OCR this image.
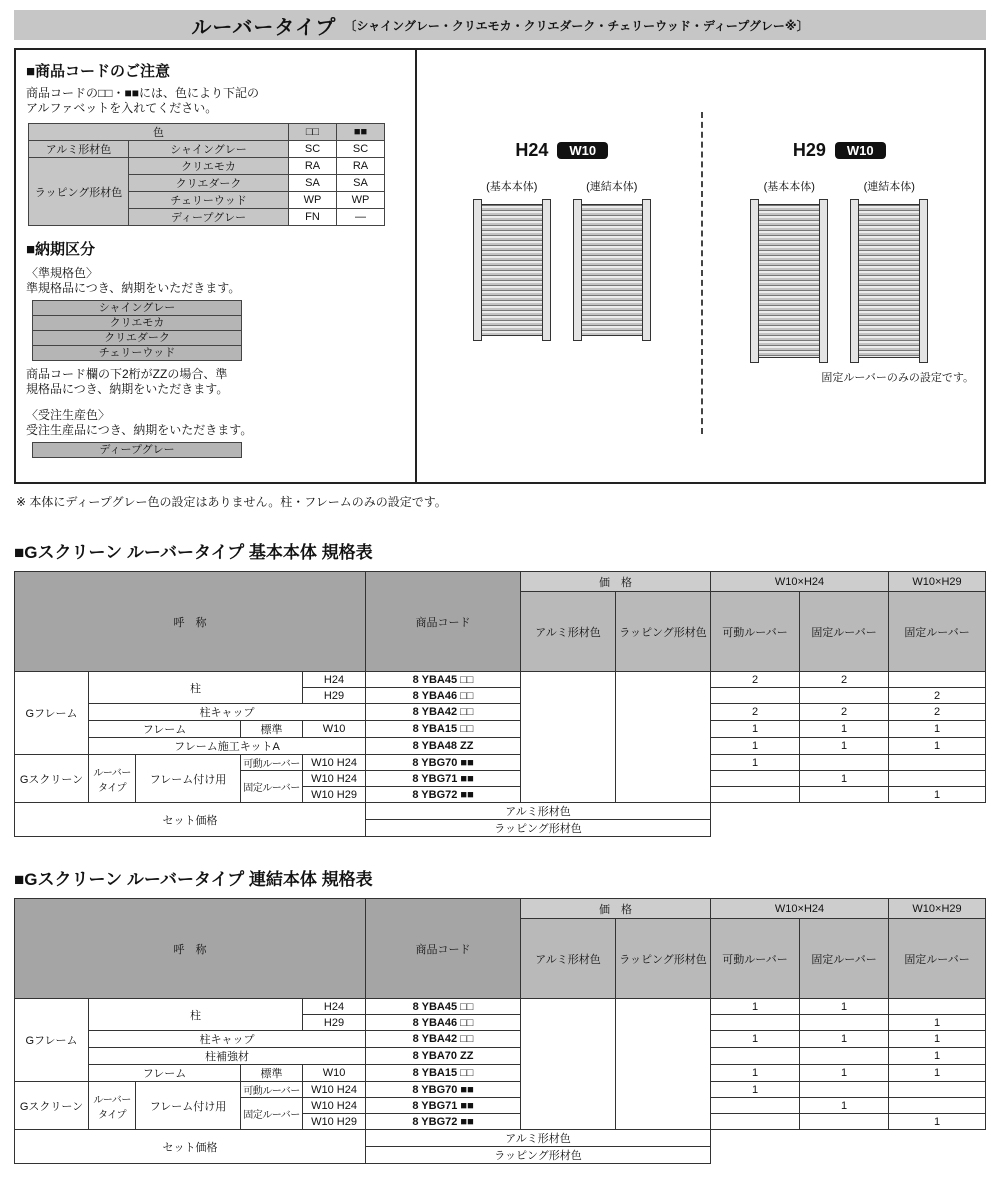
ルーバータイプ 〔シャイングレー・クリエモカ・クリエダーク・チェリーウッド・ディープグレー※〕
■商品コードのご注意
商品コードの□□・■■には、色により下記の
アルファベットを入れてください。
色		□□	■■
アルミ形材色	シャイングレー	SC	SC
ラッピング形材色	クリエモカ	RA	RA
	クリエダーク	SA	SA
	チェリーウッド	WP	WP
	ディープグレー	FN	―
■納期区分
〈準規格色〉
準規格品につき、納期をいただきます。
シャイングレー
クリエモカ
クリエダーク
チェリーウッド
商品コード欄の下2桁がZZの場合、準
規格品につき、納期をいただきます。
〈受注生産色〉
受注生産品につき、納期をいただきます。
ディープグレー
H24	W10
(基本本体)	(連結本体)
H29	W10
(基本本体)	(連結本体)
固定ルーバーのみの設定です。
※ 本体にディープグレー色の設定はありません。柱・フレームのみの設定です。
■Gスクリーン ルーバータイプ 基本本体 規格表
呼　称					商品コード	価　格		W10×H24		W10×H29
						アルミ形材色	ラッピング形材色	可動ルーバー	固定ルーバー	固定ルーバー
Gフレーム	柱			H24	8 YBA45 □□			2	2	
				H29	8 YBA46 □□					2
	柱キャップ				8 YBA42 □□			2	2	2
	フレーム		標準	W10	8 YBA15 □□			1	1	1
	フレーム施工キットA				8 YBA48 ZZ			1	1	1
Gスクリーン	ルーバータイプ	フレーム付け用	可動ルーバー	W10 H24	8 YBG70 ■■			1		
			固定ルーバー	W10 H24	8 YBG71 ■■				1	
				W10 H29	8 YBG72 ■■					1
セット価格					アルミ形材色					
					ラッピング形材色					
■Gスクリーン ルーバータイプ 連結本体 規格表
呼　称					商品コード	価　格		W10×H24		W10×H29
						アルミ形材色	ラッピング形材色	可動ルーバー	固定ルーバー	固定ルーバー
Gフレーム	柱			H24	8 YBA45 □□			1	1	
				H29	8 YBA46 □□					1
	柱キャップ				8 YBA42 □□			1	1	1
	柱補強材				8 YBA70 ZZ					1
	フレーム		標準	W10	8 YBA15 □□			1	1	1
Gスクリーン	ルーバータイプ	フレーム付け用	可動ルーバー	W10 H24	8 YBG70 ■■			1		
			固定ルーバー	W10 H24	8 YBG71 ■■				1	
				W10 H29	8 YBG72 ■■					1
セット価格					アルミ形材色					
					ラッピング形材色					
